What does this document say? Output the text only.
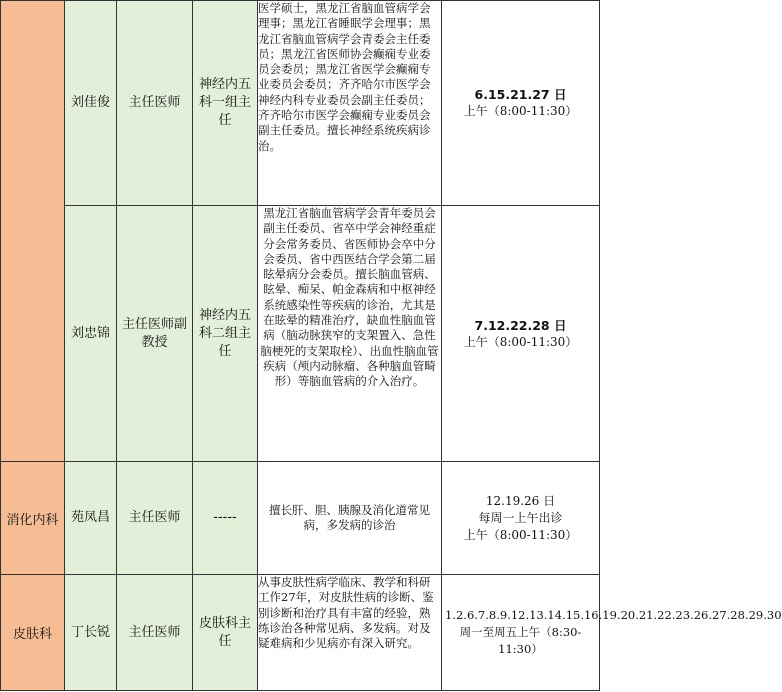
	刘佳俊	主任医师	神经内五科一组主任	医学硕士，黑龙江省脑血管病学会理事；黑龙江省睡眠学会理事；黑龙江省脑血管病学会青委会主任委员；黑龙江省医师协会癫痫专业委员会委员；黑龙江省医学会癫痫专业委员会委员；齐齐哈尔市医学会神经内科专业委员会副主任委员；齐齐哈尔市医学会癫痫专业委员会副主任委员。擅长神经系统疾病诊治。	6.15.21.27 日
上午（8:00-11:30）

	刘忠锦	主任医师副教授	神经内五科二组主任	黑龙江省脑血管病学会青年委员会副主任委员、省卒中学会神经重症分会常务委员、省医师协会卒中分会委员、省中西医结合学会第二届眩晕病分会委员。擅长脑血管病、眩晕、痴呆、帕金森病和中枢神经系统感染性等疾病的诊治，尤其是在眩晕的精准治疗，缺血性脑血管病（脑动脉狭窄的支架置入、急性脑梗死的支架取栓）、出血性脑血管疾病（颅内动脉瘤、各种脑血管畸形）等脑血管病的介入治疗。	7.12.22.28 日
上午（8:00-11:30）

消化内科	苑凤昌	主任医师	-----	擅长肝、胆、胰腺及消化道常见病，多发病的诊治	12.19.26 日
每周一上午出诊
上午（8:00-11:30）

皮肤科	丁长锐	主任医师	皮肤科主任	从事皮肤性病学临床、教学和科研工作27年，对皮肤性病的诊断、鉴别诊断和治疗具有丰富的经验，熟练诊治各种常见病、多发病。对及疑难病和少见病亦有深入研究。	1.2.6.7.8.9.12.13.14.15.16.19.20.21.22.23.26.27.28.29.30 周一至周五上午（8:30-11:30）
